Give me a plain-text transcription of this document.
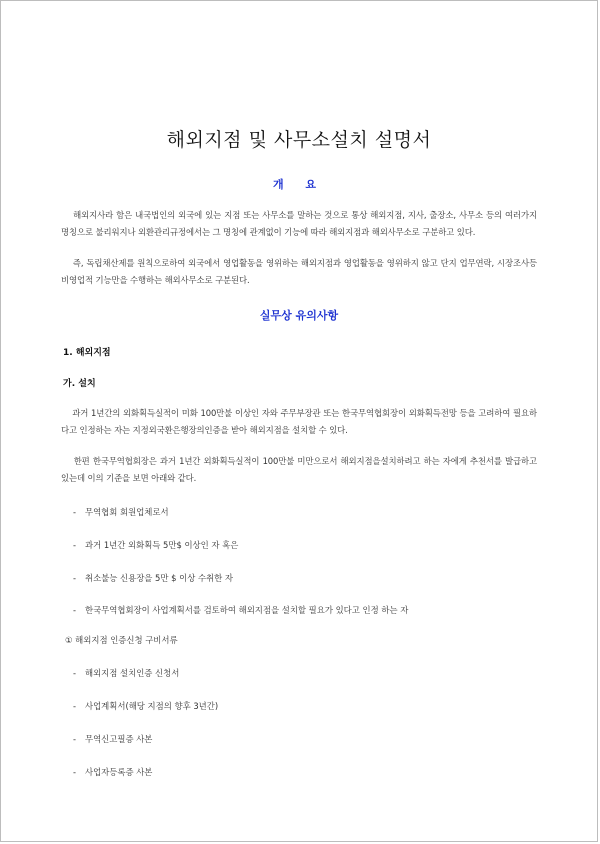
해외지점 및 사무소설치 설명서
개 요
해외지사라 함은 내국법인의 외국에 있는 지점 또는 사무소를 말하는 것으로 통상 해외지점, 지사, 출장소, 사무소 등의 여러가지 명칭으로 불리워지나 외환관리규정에서는 그 명칭에 관계없이 기능에 따라 해외지점과 해외사무소로 구분하고 있다.
즉, 독립채산제를 원칙으로하여 외국에서 영업활동을 영위하는 해외지점과 영업활동을 영위하지 않고 단지 업무연락, 시장조사등 비영업적 기능만을 수행하는 해외사무소로 구분된다.
실무상 유의사항
1. 해외지점
가. 설치
과거 1년간의 외화획득실적이 미화 100만불 이상인 자와 주무부장관 또는 한국무역협회장이 외화획득전망 등을 고려하여 필요하다고 인정하는 자는 지정외국환은행장의인증을 받아 해외지점을 설치할 수 있다.
한편 한국무역협회장은 과거 1년간 외화획득실적이 100만불 미만으로서 해외지점을설치하려고 하는 자에게 추천서를 발급하고 있는데 이의 기준을 보면 아래와 같다.
- 무역협회 회원업체로서
- 과거 1년간 외화획득 5만$ 이상인 자 혹은
- 취소불능 신용장을 5만 $ 이상 수취한 자
- 한국무역협회장이 사업계획서를 검토하여 해외지점을 설치할 필요가 있다고 인정 하는 자
① 해외지점 인증신청 구비서류
- 해외지점 설치인증 신청서
- 사업계획서(해당 지점의 향후 3년간)
- 무역신고필증 사본
- 사업자등록증 사본
